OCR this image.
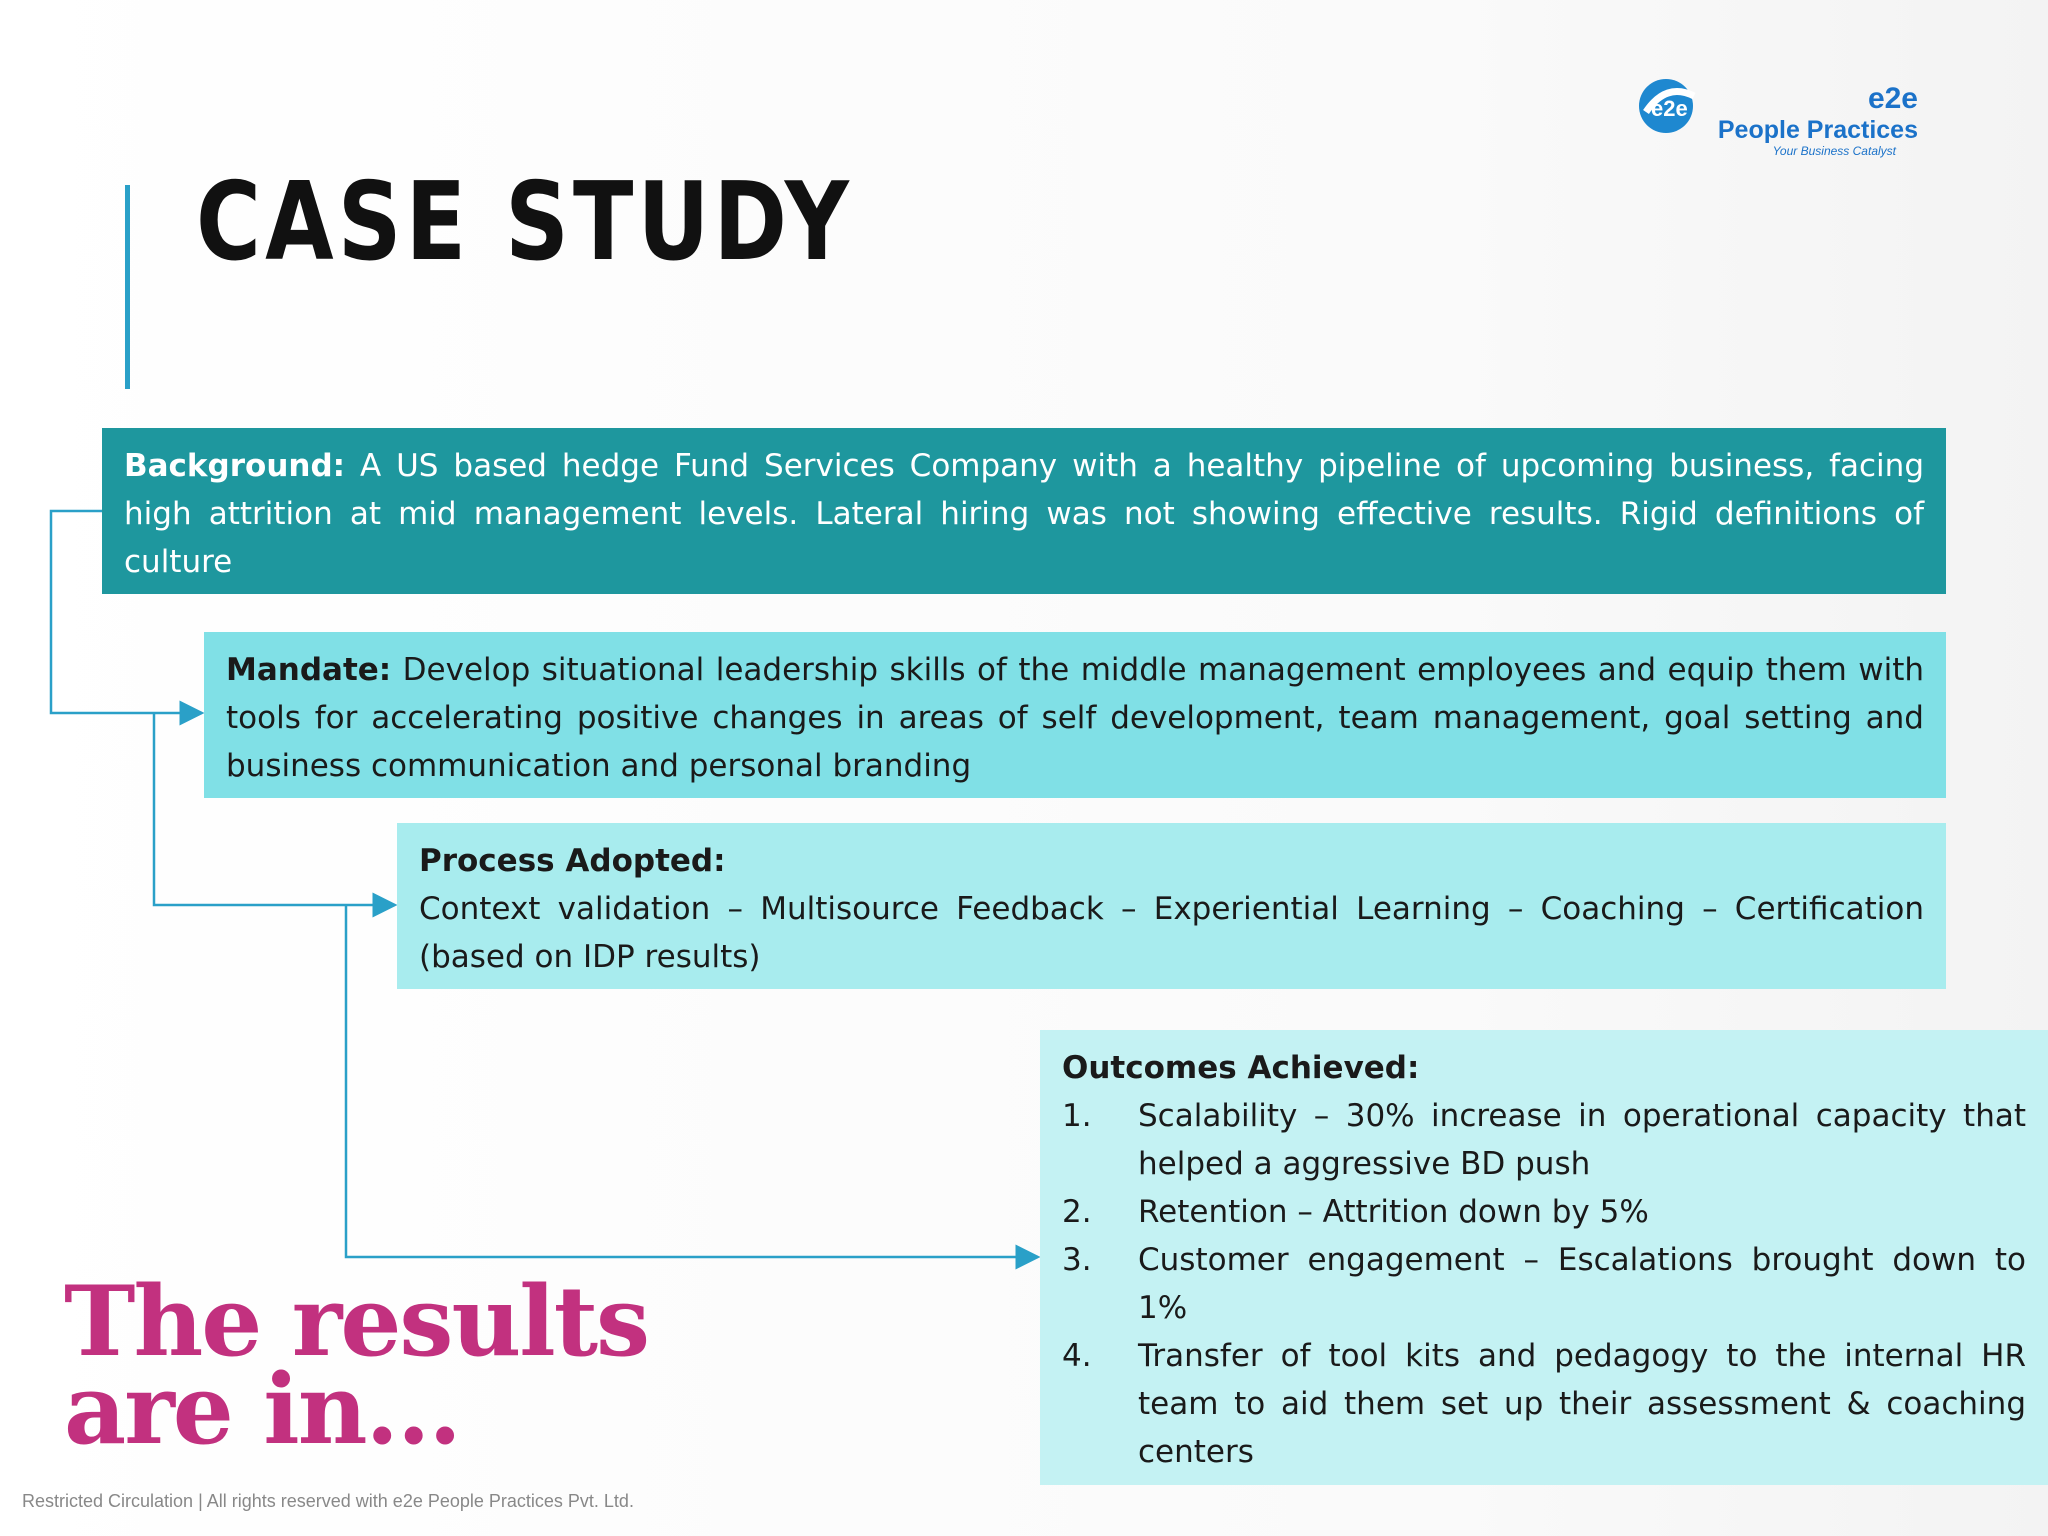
CASE STUDY
e2e	e2e
People Practices
Your Business Catalyst

Background: A US based hedge Fund Services Company with a healthy pipeline of upcoming business, facing high attrition at mid management levels. Lateral hiring was not showing effective results. Rigid definitions of culture

Mandate: Develop situational leadership skills of the middle management employees and equip them with tools for accelerating positive changes in areas of self development, team management, goal setting and business communication and personal branding

Process Adopted:

Context validation – Multisource Feedback – Experiential Learning – Coaching – Certification (based on IDP results)

Outcomes Achieved:

1. Scalability – 30% increase in operational capacity that helped a aggressive BD push
2. Retention – Attrition down by 5%
3. Customer engagement – Escalations brought down to 1%
4. Transfer of tool kits and pedagogy to the internal HR team to aid them set up their assessment & coaching centers
The results
are in...
Restricted Circulation | All rights reserved with e2e People Practices Pvt. Ltd.
